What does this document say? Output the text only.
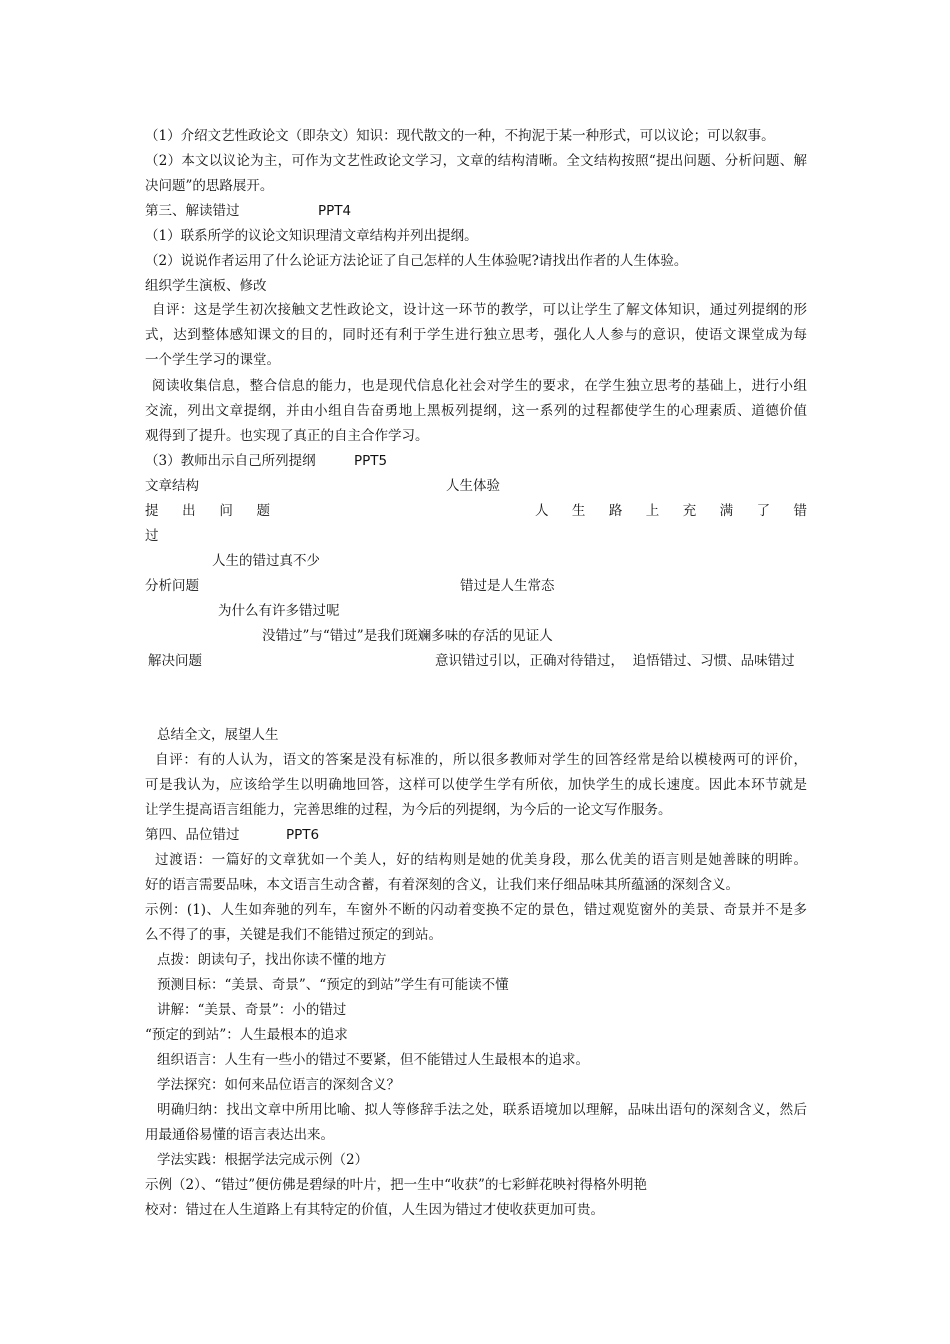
（1）介绍文艺性政论文（即杂文）知识：现代散文的一种，不拘泥于某一种形式，可以议论；可以叙事。
（2）本文以议论为主，可作为文艺性政论文学习，文章的结构清晰。全文结构按照“提出问题、分析问题、解
决问题”的思路展开。
第三、解读错过	PPT4
（1）联系所学的议论文知识理清文章结构并列出提纲。
（2）说说作者运用了什么论证方法论证了自己怎样的人生体验呢?请找出作者的人生体验。
组织学生演板、修改
自评：这是学生初次接触文艺性政论文，设计这一环节的教学，可以让学生了解文体知识，通过列提纲的形
式，达到整体感知课文的目的，同时还有利于学生进行独立思考，强化人人参与的意识，使语文课堂成为每
一个学生学习的课堂。
阅读收集信息，整合信息的能力，也是现代信息化社会对学生的要求，在学生独立思考的基础上，进行小组
交流，列出文章提纲，并由小组自告奋勇地上黑板列提纲，这一系列的过程都使学生的心理素质、道德价值
观得到了提升。也实现了真正的自主合作学习。
（3）教师出示自己所列提纲	PPT5
文章结构	人生体验
提 出 问 题	人 生 路 上 充 满 了 错
过
人生的错过真不少
分析问题	错过是人生常态
为什么有许多错过呢
没错过”与“错过”是我们斑斓多味的存活的见证人
解决问题	意识错过引以，正确对待错过，  追悟错过、习惯、品味错过
总结全文，展望人生
自评：有的人认为，语文的答案是没有标准的，所以很多教师对学生的回答经常是给以模棱两可的评价，
可是我认为，应该给学生以明确地回答，这样可以使学生学有所依，加快学生的成长速度。因此本环节就是
让学生提高语言组能力，完善思维的过程，为今后的列提纲，为今后的一论文写作服务。
第四、品位错过	PPT6
过渡语：一篇好的文章犹如一个美人，好的结构则是她的优美身段，那么优美的语言则是她善睐的明眸。
好的语言需要品味，本文语言生动含蓄，有着深刻的含义，让我们来仔细品味其所蕴涵的深刻含义。
示例：(1)、人生如奔驰的列车，车窗外不断的闪动着变换不定的景色，错过观览窗外的美景、奇景并不是多
么不得了的事，关键是我们不能错过预定的到站。
点拨：朗读句子，找出你读不懂的地方
预测目标：“美景、奇景”、“预定的到站”学生有可能读不懂
讲解：“美景、奇景”：小的错过
“预定的到站”：人生最根本的追求
组织语言：人生有一些小的错过不要紧，但不能错过人生最根本的追求。
学法探究：如何来品位语言的深刻含义？
明确归纳：找出文章中所用比喻、拟人等修辞手法之处，联系语境加以理解，品味出语句的深刻含义，然后
用最通俗易懂的语言表达出来。
学法实践：根据学法完成示例（2）
示例（2）、“错过”便仿佛是碧绿的叶片，把一生中“收获”的七彩鲜花映衬得格外明艳
校对：错过在人生道路上有其特定的价值，人生因为错过才使收获更加可贵。
